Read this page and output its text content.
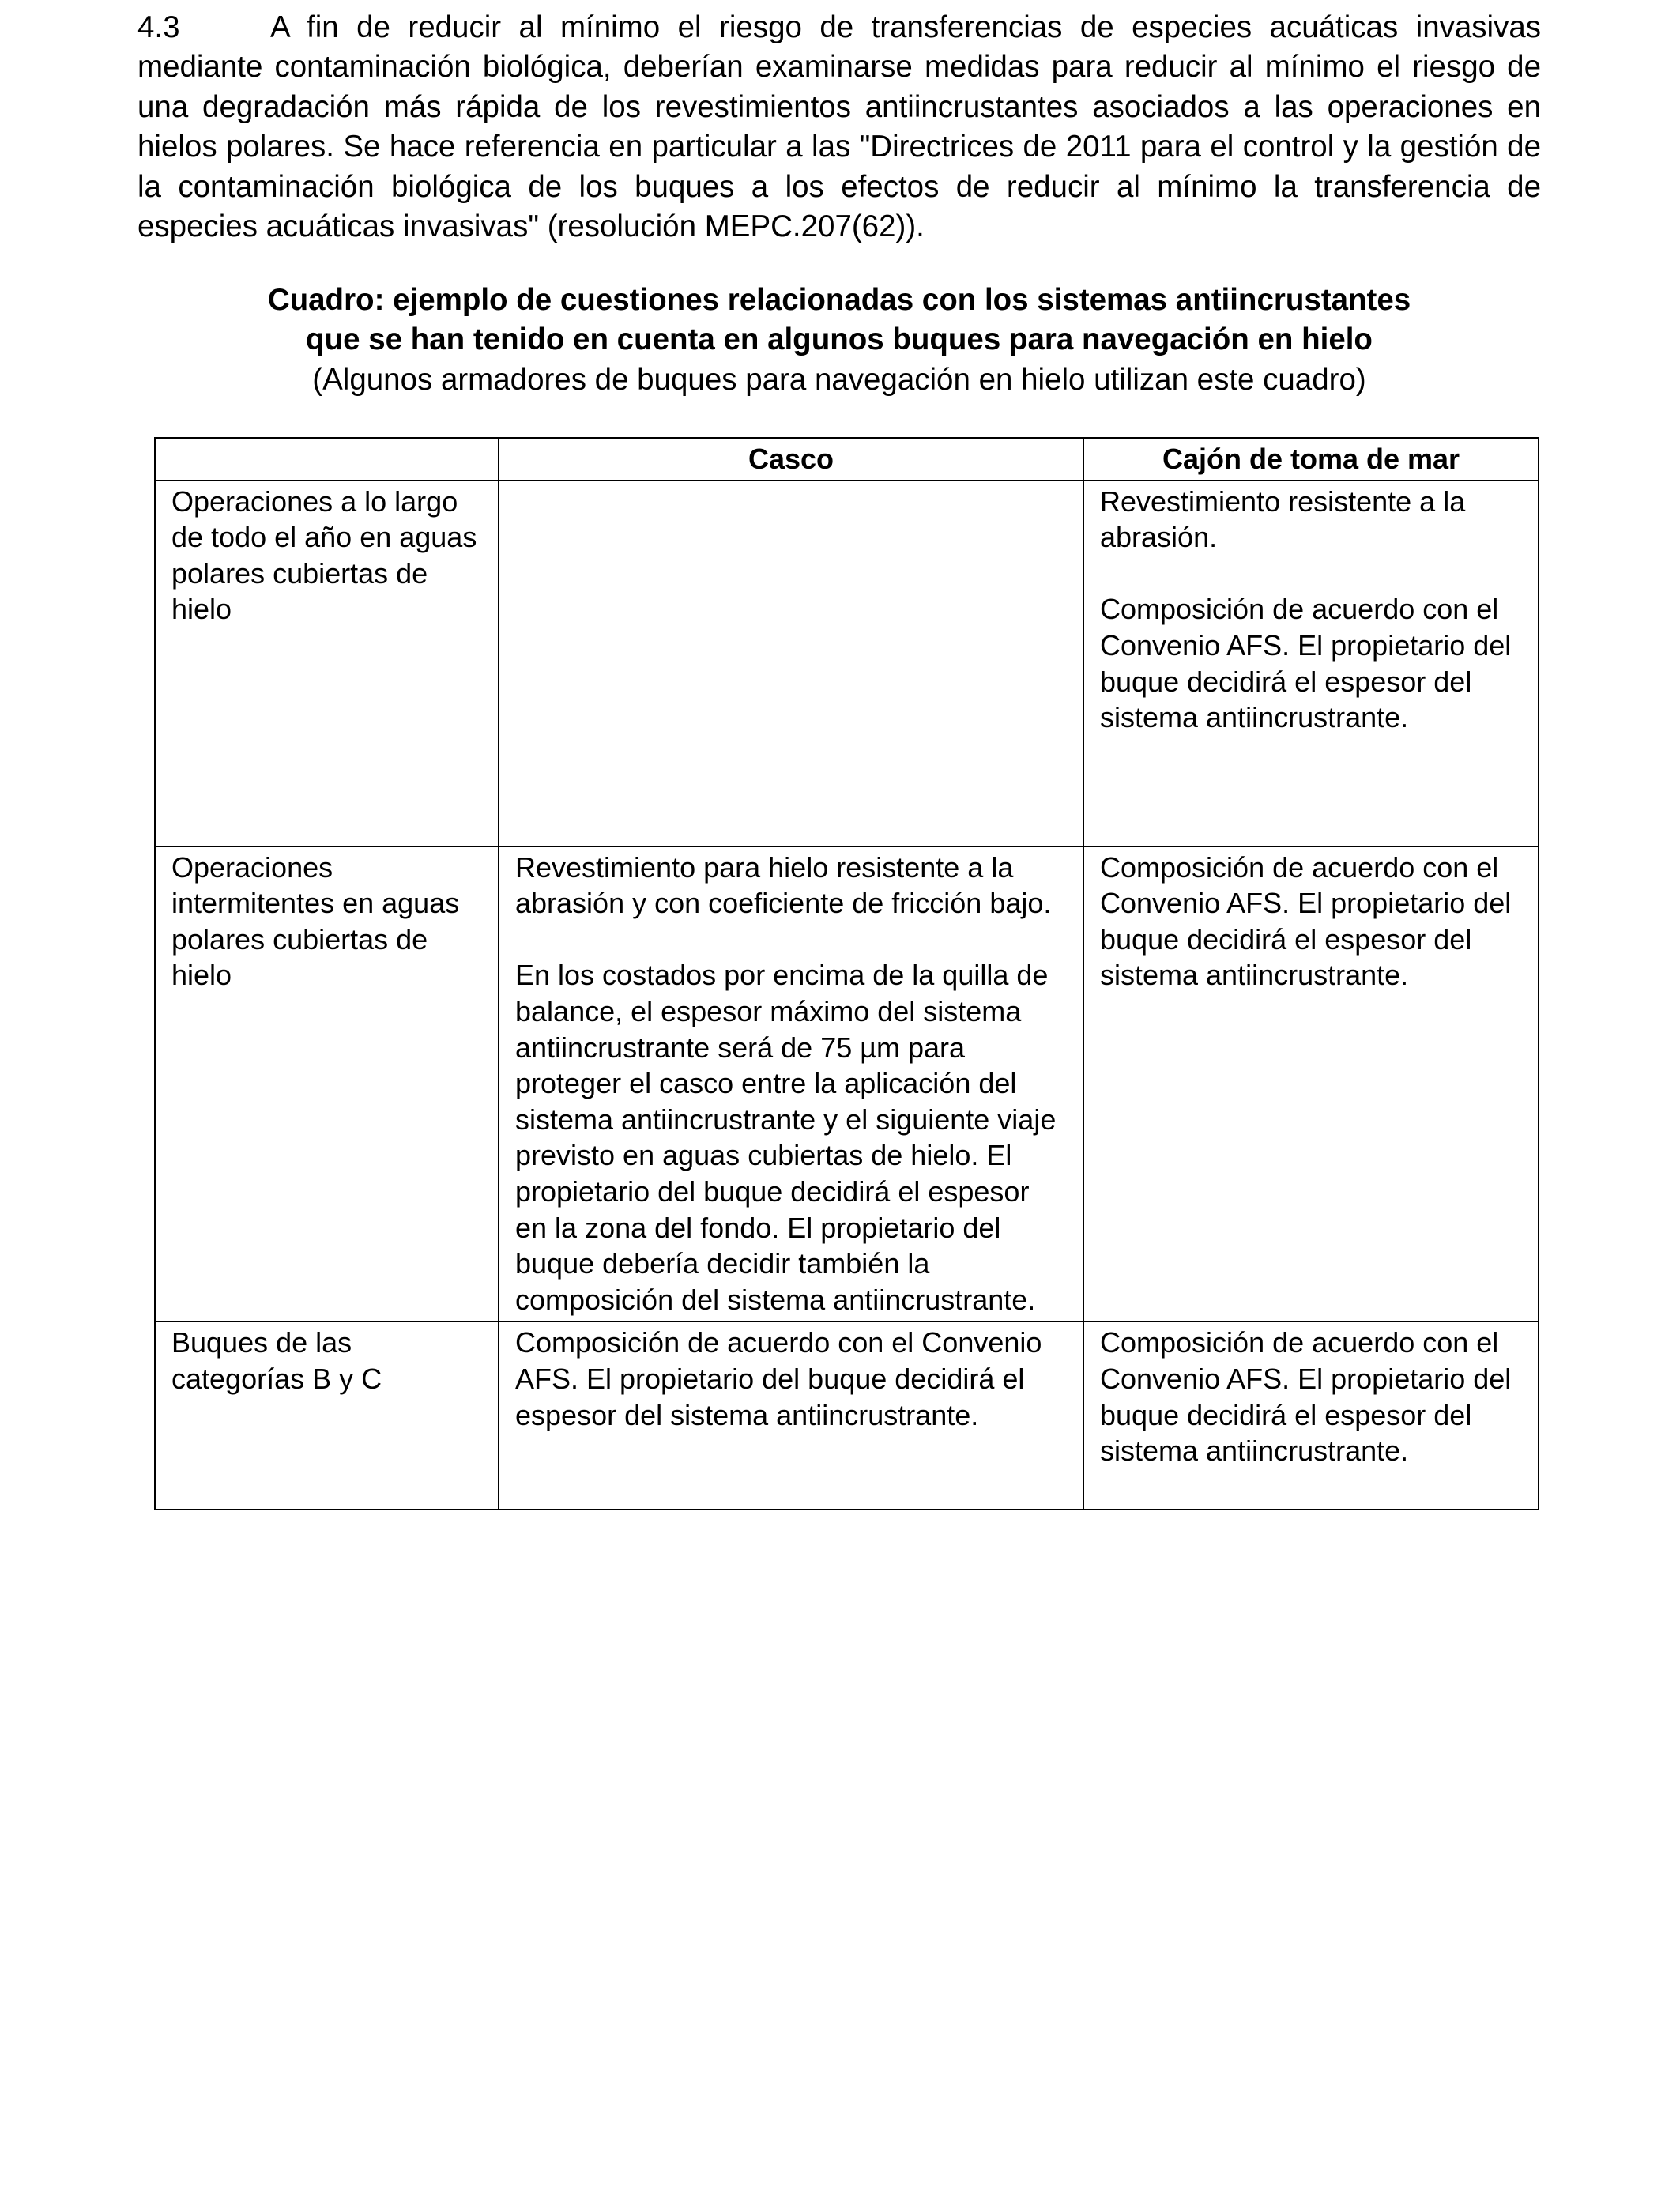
4.3	A fin de reducir al mínimo el riesgo de transferencias de especies acuáticas invasivas mediante contaminación biológica, deberían examinarse medidas para reducir al mínimo el riesgo de una degradación más rápida de los revestimientos antiincrustantes asociados a las operaciones en hielos polares. Se hace referencia en particular a las "Directrices de 2011 para el control y la gestión de la contaminación biológica de los buques a los efectos de reducir al mínimo la transferencia de especies acuáticas invasivas" (resolución MEPC.207(62)).

Cuadro: ejemplo de cuestiones relacionadas con los sistemas antiincrustantes
que se han tenido en cuenta en algunos buques para navegación en hielo
(Algunos armadores de buques para navegación en hielo utilizan este cuadro)
	Casco	Cajón de toma de mar

Operaciones a lo largo de todo el año en aguas polares cubiertas de hielo		Revestimiento resistente a la abrasión.
Composición de acuerdo con el Convenio AFS. El propietario del buque decidirá el espesor del sistema antiincrustrante.

Operaciones intermitentes en aguas polares cubiertas de hielo	Revestimiento para hielo resistente a la abrasión y con coeficiente de fricción bajo.
En los costados por encima de la quilla de balance, el espesor máximo del sistema antiincrustrante será de 75 µm para proteger el casco entre la aplicación del sistema antiincrustrante y el siguiente viaje previsto en aguas cubiertas de hielo. El propietario del buque decidirá el espesor en la zona del fondo. El propietario del buque debería decidir también la composición del sistema antiincrustrante.	Composición de acuerdo con el Convenio AFS. El propietario del buque decidirá el espesor del sistema antiincrustrante.

Buques de las categorías B y C	Composición de acuerdo con el Convenio AFS. El propietario del buque decidirá el espesor del sistema antiincrustrante.	Composición de acuerdo con el Convenio AFS. El propietario del buque decidirá el espesor del sistema antiincrustrante.
